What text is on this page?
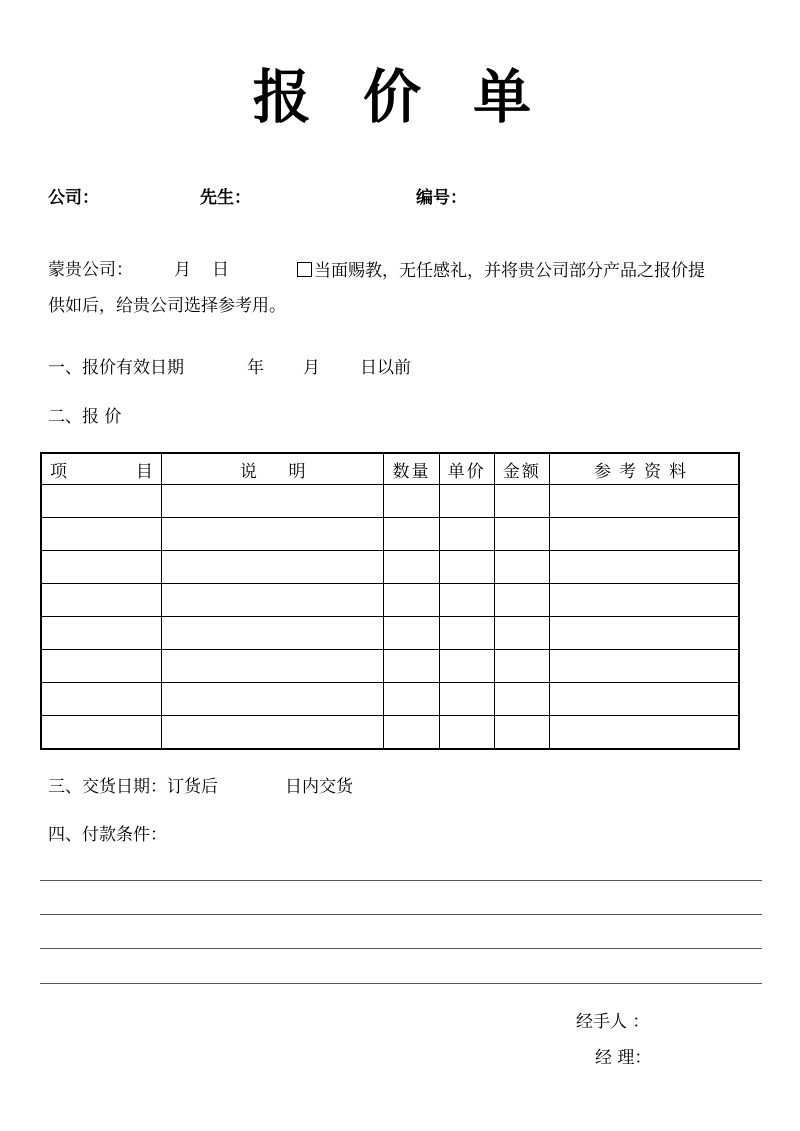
报 价 单
公司：	先生：	编号：
蒙贵公司： 月 日	当面赐教，无任感礼，并将贵公司部分产品之报价提
供如后，给贵公司选择参考用。
一、报价有效日期	年 月 日以前
二、报 价
项 目	说 明	数量	单价	金额	参考资料

三、交货日期：订货后	日内交货
四、付款条件：
经手人 ：
经 理：
